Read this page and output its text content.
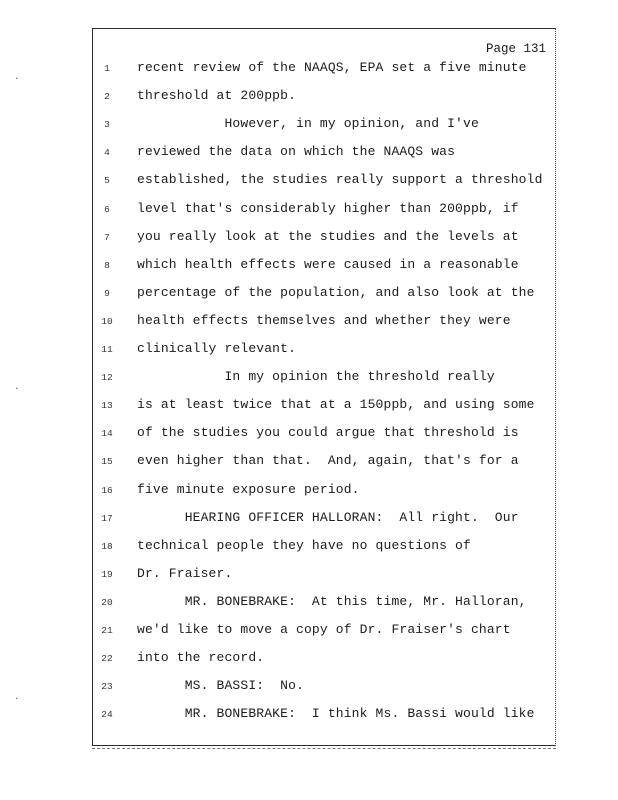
Page 131
·
·
·
1	recent review of the NAAQS, EPA set a five minute
2	threshold at 200ppb.
3	However, in my opinion, and I've
4	reviewed the data on which the NAAQS was
5	established, the studies really support a threshold
6	level that's considerably higher than 200ppb, if
7	you really look at the studies and the levels at
8	which health effects were caused in a reasonable
9	percentage of the population, and also look at the
10	health effects themselves and whether they were
11	clinically relevant.
12	In my opinion the threshold really
13	is at least twice that at a 150ppb, and using some
14	of the studies you could argue that threshold is
15	even higher than that.  And, again, that's for a
16	five minute exposure period.
17	HEARING OFFICER HALLORAN:  All right.  Our
18	technical people they have no questions of
19	Dr. Fraiser.
20	MR. BONEBRAKE:  At this time, Mr. Halloran,
21	we'd like to move a copy of Dr. Fraiser's chart
22	into the record.
23	MS. BASSI:  No.
24	MR. BONEBRAKE:  I think Ms. Bassi would like
